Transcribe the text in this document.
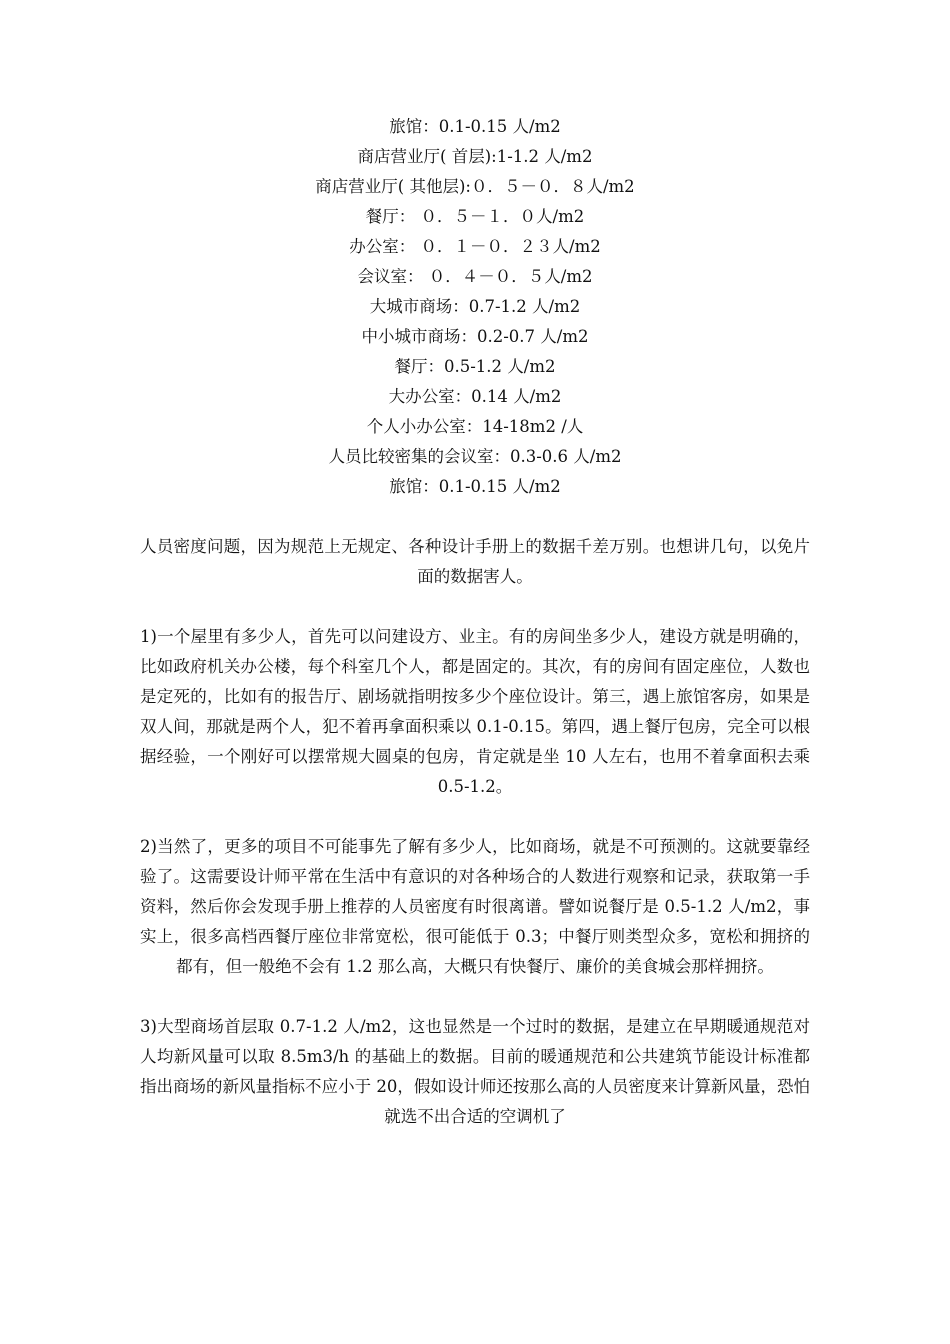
旅馆：0.1-0.15 人/m2
商店营业厅( 首层):1-1.2 人/m2
商店营业厅( 其他层):０．５－０．８人/m2
餐厅： ０．５－１．０人/m2
办公室： ０．１－０．２３人/m2
会议室： ０．４－０．５人/m2
大城市商场：0.7-1.2 人/m2
中小城市商场：0.2-0.7 人/m2
餐厅：0.5-1.2 人/m2
大办公室：0.14 人/m2
个人小办公室：14-18m2 /人
人员比较密集的会议室：0.3-0.6 人/m2
旅馆：0.1-0.15 人/m2

人员密度问题，因为规范上无规定、各种设计手册上的数据千差万别。也想讲几句，以免片面的数据害人。

1)一个屋里有多少人，首先可以问建设方、业主。有的房间坐多少人，建设方就是明确的，比如政府机关办公楼，每个科室几个人，都是固定的。其次，有的房间有固定座位，人数也是定死的，比如有的报告厅、剧场就指明按多少个座位设计。第三，遇上旅馆客房，如果是双人间，那就是两个人，犯不着再拿面积乘以 0.1-0.15。第四，遇上餐厅包房，完全可以根据经验，一个刚好可以摆常规大圆桌的包房，肯定就是坐 10 人左右，也用不着拿面积去乘 0.5-1.2。

2)当然了，更多的项目不可能事先了解有多少人，比如商场，就是不可预测的。这就要靠经验了。这需要设计师平常在生活中有意识的对各种场合的人数进行观察和记录，获取第一手资料，然后你会发现手册上推荐的人员密度有时很离谱。譬如说餐厅是 0.5-1.2 人/m2，事实上，很多高档西餐厅座位非常宽松，很可能低于 0.3；中餐厅则类型众多，宽松和拥挤的都有，但一般绝不会有 1.2 那么高，大概只有快餐厅、廉价的美食城会那样拥挤。

3)大型商场首层取 0.7-1.2 人/m2，这也显然是一个过时的数据，是建立在早期暖通规范对人均新风量可以取 8.5m3/h 的基础上的数据。目前的暖通规范和公共建筑节能设计标准都指出商场的新风量指标不应小于 20，假如设计师还按那么高的人员密度来计算新风量，恐怕就选不出合适的空调机了
